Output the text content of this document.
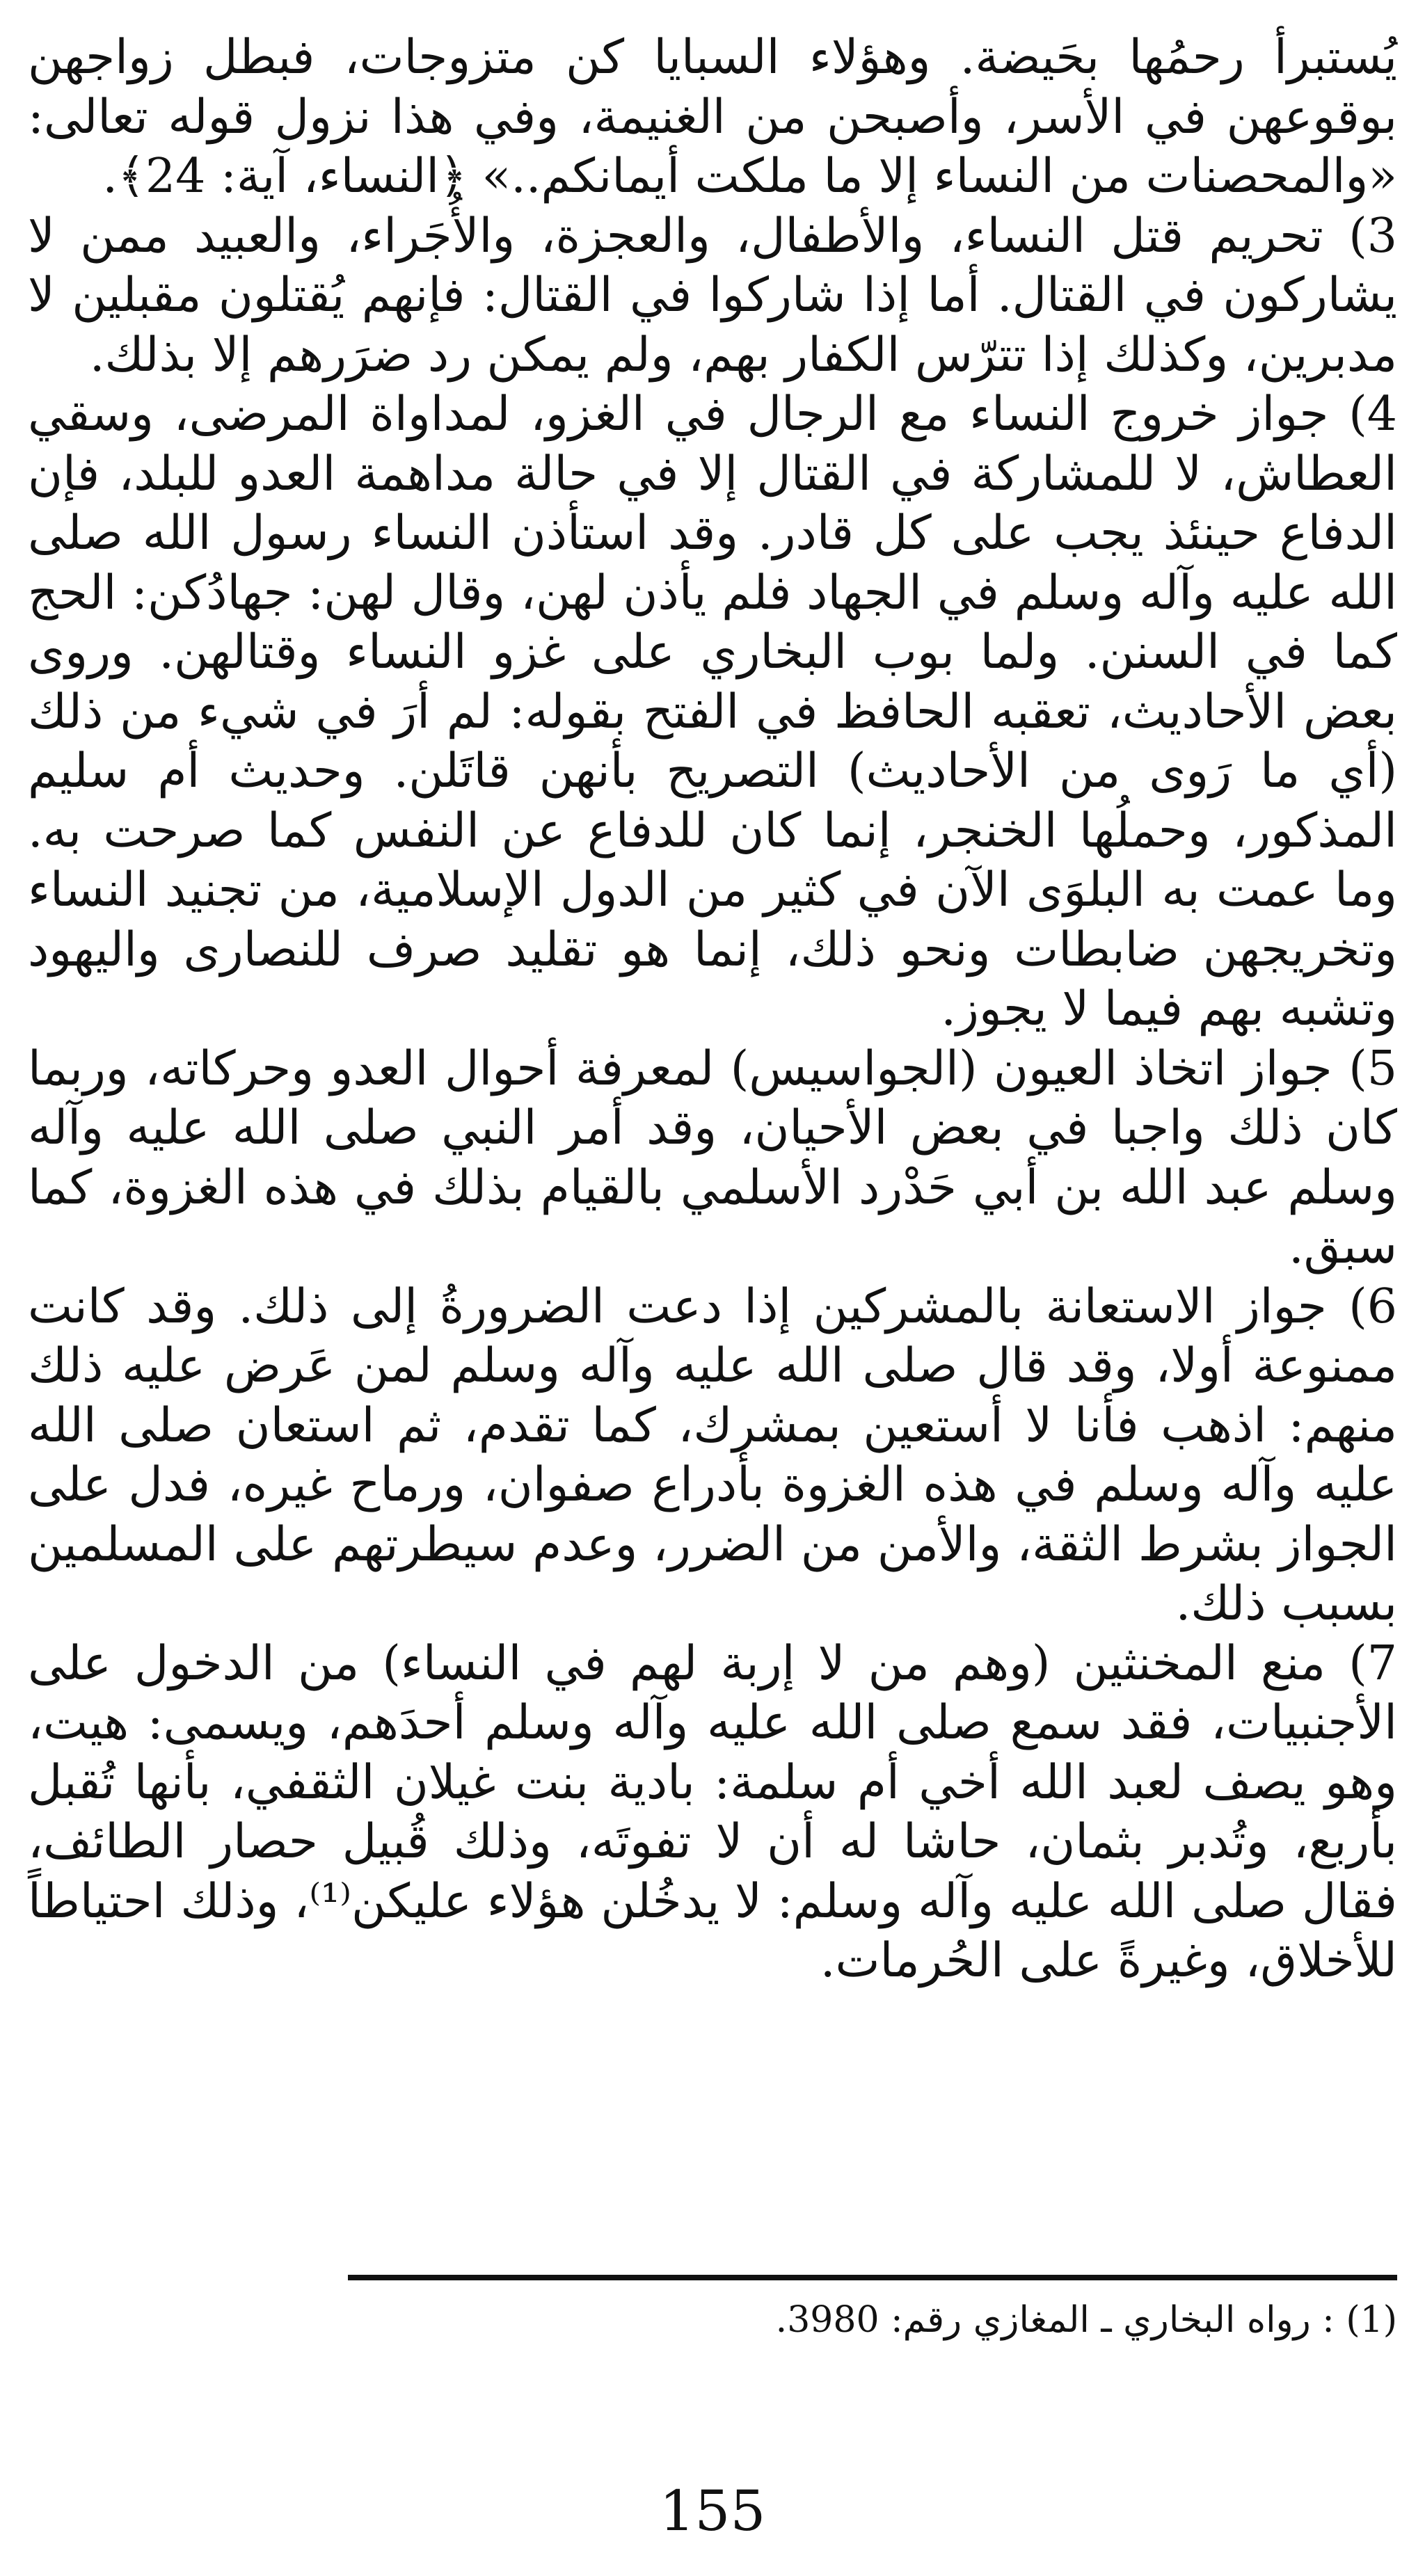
يُستبرأ رحمُها بحَيضة. وهؤلاء السبايا كن متزوجات، فبطل زواجهن بوقوعهن في الأسر، وأصبحن من الغنيمة، وفي هذا نزول قوله تعالى: «والمحصنات من النساء إلا ما ملكت أيمانكم..» ﴿النساء، آية: 24﴾.

3) تحريم قتل النساء، والأطفال، والعجزة، والأُجَراء، والعبيد ممن لا يشاركون في القتال. أما إذا شاركوا في القتال: فإنهم يُقتلون مقبلين لا مدبرين، وكذلك إذا تترّس الكفار بهم، ولم يمكن رد ضرَرهم إلا بذلك.

4) جواز خروج النساء مع الرجال في الغزو، لمداواة المرضى، وسقي العطاش، لا للمشاركة في القتال إلا في حالة مداهمة العدو للبلد، فإن الدفاع حينئذ يجب على كل قادر. وقد استأذن النساء رسول الله صلى الله عليه وآله وسلم في الجهاد فلم يأذن لهن، وقال لهن: جهادُكن: الحج كما في السنن. ولما بوب البخاري على غزو النساء وقتالهن. وروى بعض الأحاديث، تعقبه الحافظ في الفتح بقوله: لم أرَ في شيء من ذلك (أي ما رَوى من الأحاديث) التصريح بأنهن قاتَلن. وحديث أم سليم المذكور، وحملُها الخنجر، إنما كان للدفاع عن النفس كما صرحت به. وما عمت به البلوَى الآن في كثير من الدول الإسلامية، من تجنيد النساء وتخريجهن ضابطات ونحو ذلك، إنما هو تقليد صرف للنصارى واليهود وتشبه بهم فيما لا يجوز.

5) جواز اتخاذ العيون (الجواسيس) لمعرفة أحوال العدو وحركاته، وربما كان ذلك واجبا في بعض الأحيان، وقد أمر النبي صلى الله عليه وآله وسلم عبد الله بن أبي حَدْرد الأسلمي بالقيام بذلك في هذه الغزوة، كما سبق.

6) جواز الاستعانة بالمشركين إذا دعت الضرورةُ إلى ذلك. وقد كانت ممنوعة أولا، وقد قال صلى الله عليه وآله وسلم لمن عَرض عليه ذلك منهم: اذهب فأنا لا أستعين بمشرك، كما تقدم، ثم استعان صلى الله عليه وآله وسلم في هذه الغزوة بأدراع صفوان، ورماح غيره، فدل على الجواز بشرط الثقة، والأمن من الضرر، وعدم سيطرتهم على المسلمين بسبب ذلك.

7) منع المخنثين (وهم من لا إربة لهم في النساء) من الدخول على الأجنبيات، فقد سمع صلى الله عليه وآله وسلم أحدَهم، ويسمى: هيت، وهو يصف لعبد الله أخي أم سلمة: بادية بنت غيلان الثقفي، بأنها تُقبل بأربع، وتُدبر بثمان، حاشا له أن لا تفوتَه، وذلك قُبيل حصار الطائف، فقال صلى الله عليه وآله وسلم: لا يدخُلن هؤلاء عليكن⁽¹⁾، وذلك احتياطاً للأخلاق، وغيرةً على الحُرمات.

(1) : رواه البخاري ـ المغازي رقم: 3980.
155
